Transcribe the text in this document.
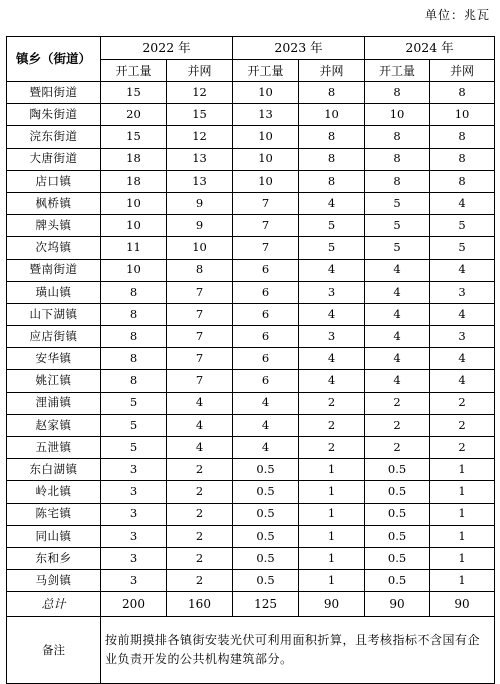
单位：兆瓦
镇乡（街道）	2022 年		2023 年		2024 年	
	开工量	并网	开工量	并网	开工量	并网
暨阳街道	15	12	10	8	8	8
陶朱街道	20	15	13	10	10	10
浣东街道	15	12	10	8	8	8
大唐街道	18	13	10	8	8	8
店口镇	18	13	10	8	8	8
枫桥镇	10	9	7	4	5	4
牌头镇	10	9	7	5	5	5
次坞镇	11	10	7	5	5	5
暨南街道	10	8	6	4	4	4
璜山镇	8	7	6	3	4	3
山下湖镇	8	7	6	4	4	4
应店街镇	8	7	6	3	4	3
安华镇	8	7	6	4	4	4
姚江镇	8	7	6	4	4	4
浬浦镇	5	4	4	2	2	2
赵家镇	5	4	4	2	2	2
五泄镇	5	4	4	2	2	2
东白湖镇	3	2	0.5	1	0.5	1
岭北镇	3	2	0.5	1	0.5	1
陈宅镇	3	2	0.5	1	0.5	1
同山镇	3	2	0.5	1	0.5	1
东和乡	3	2	0.5	1	0.5	1
马剑镇	3	2	0.5	1	0.5	1
总计	200	160	125	90	90	90
备注	按前期摸排各镇街安装光伏可利用面积折算，且考核指标不含国有企业负责开发的公共机构建筑部分。					
